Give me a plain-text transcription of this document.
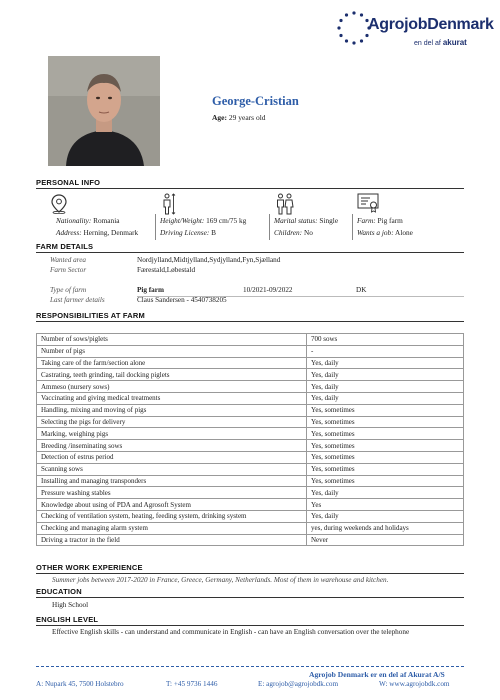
AgrojobDenmark
en del af akurat
George-Cristian
Age: 29 years old
PERSONAL INFO
Nationality: Romania
Address: Herning, Denmark
Height/Weight: 169 cm/75 kg
Driving License: B
Marital status: Single
Children: No
Farm: Pig farm
Wants a job: Alone
FARM DETAILS
Wanted area	Nordjylland,Midtjylland,Sydjylland,Fyn,Sjælland
Farm Sector	Færestald,Løbestald
Type of farm	Pig farm	10/2021-09/2022	DK
Last farmer details	Claus Sandersen - 4540738205
RESPONSIBILITIES AT FARM
Number of sows/piglets	700 sows
Number of pigs	-
Taking care of the farm/section alone	Yes, daily
Castrating, teeth grinding, tail docking piglets	Yes, daily
Ammeso (nursery sows)	Yes, daily
Vaccinating and giving medical treatments	Yes, daily
Handling, mixing and moving of pigs	Yes, sometimes
Selecting the pigs for delivery	Yes, sometimes
Marking, weighing pigs	Yes, sometimes
Breeding /inseminating sows	Yes, sometimes
Detection of estrus period	Yes, sometimes
Scanning sows	Yes, sometimes
Installing and managing transponders	Yes, sometimes
Pressure washing stables	Yes, daily
Knowledge about using of PDA and Agrosoft System	Yes
Checking of ventilation system, heating, feeding system, drinking system	Yes, daily
Checking and managing alarm system	yes, during weekends and holidays
Driving a tractor in the field	Never
OTHER WORK EXPERIENCE
Summer jobs between 2017-2020 in France, Greece, Germany, Netherlands. Most of them in warehouse and kitchen.
EDUCATION
High School
ENGLISH LEVEL
Effective English skills - can understand and communicate in English - can have an English conversation over the telephone
Agrojob Denmark er en del af Akurat A/S
A: Nupark 45, 7500 Holstebro	T: +45 9736 1446	E: agrojob@agrojobdk.com	W: www.agrojobdk.com
